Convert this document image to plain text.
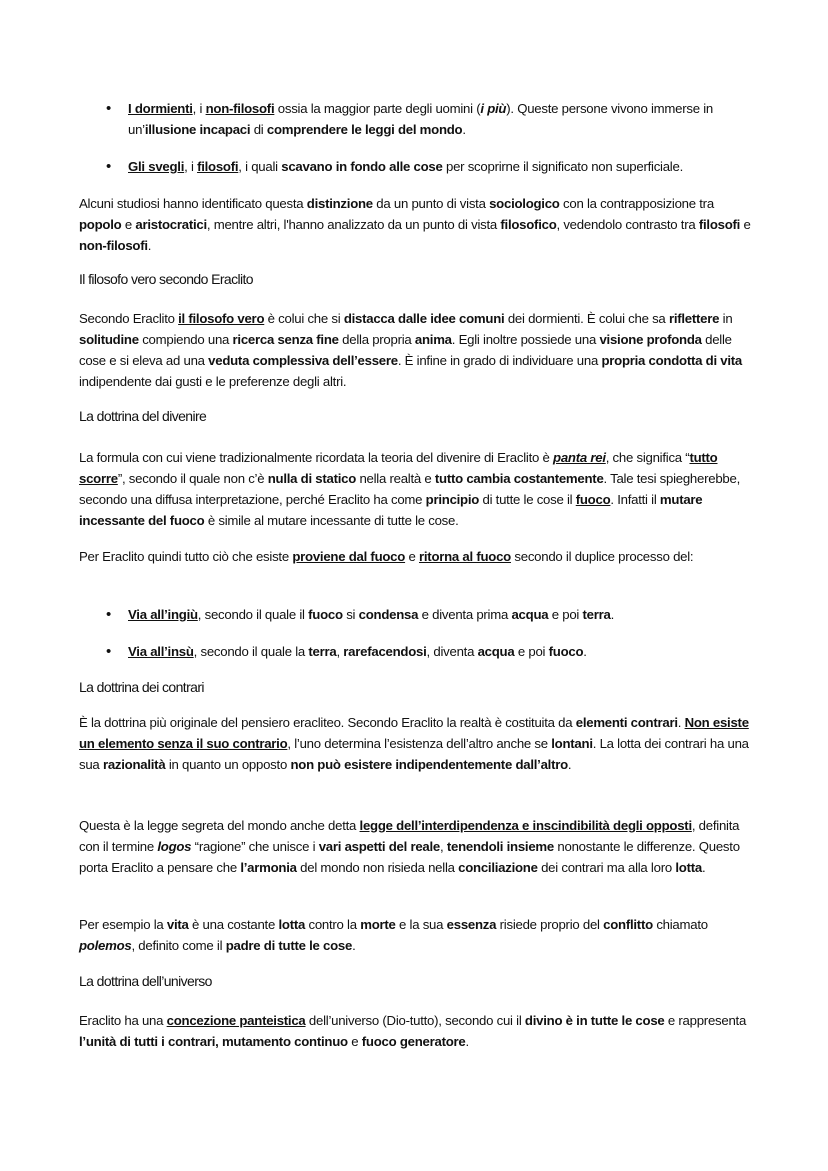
• I dormienti, i non-filosofi ossia la maggior parte degli uomini (i più). Queste persone vivono immerse in un’illusione incapaci di comprendere le leggi del mondo.

• Gli svegli, i filosofi, i quali scavano in fondo alle cose per scoprirne il significato non superficiale.

Alcuni studiosi hanno identificato questa distinzione da un punto di vista sociologico con la contrapposizione tra popolo e aristocratici, mentre altri, l'hanno analizzato da un punto di vista filosofico, vedendolo contrasto tra filosofi e non-filosofi.

Il filosofo vero secondo Eraclito

Secondo Eraclito il filosofo vero è colui che si distacca dalle idee comuni dei dormienti. È colui che sa riflettere in solitudine compiendo una ricerca senza fine della propria anima. Egli inoltre possiede una visione profonda delle cose e si eleva ad una veduta complessiva dell’essere. È infine in grado di individuare una propria condotta di vita indipendente dai gusti e le preferenze degli altri.

La dottrina del divenire

La formula con cui viene tradizionalmente ricordata la teoria del divenire di Eraclito è panta rei, che significa “tutto scorre”, secondo il quale non c’è nulla di statico nella realtà e tutto cambia costantemente. Tale tesi spiegherebbe, secondo una diffusa interpretazione, perché Eraclito ha come principio di tutte le cose il fuoco. Infatti il mutare incessante del fuoco è simile al mutare incessante di tutte le cose.

Per Eraclito quindi tutto ciò che esiste proviene dal fuoco e ritorna al fuoco secondo il duplice processo del:

• Via all’ingiù, secondo il quale il fuoco si condensa e diventa prima acqua e poi terra.

• Via all’insù, secondo il quale la terra, rarefacendosi, diventa acqua e poi fuoco.

La dottrina dei contrari

È la dottrina più originale del pensiero eracliteo. Secondo Eraclito la realtà è costituita da elementi contrari. Non esiste un elemento senza il suo contrario, l’uno determina l’esistenza dell’altro anche se lontani. La lotta dei contrari ha una sua razionalità in quanto un opposto non può esistere indipendentemente dall’altro.

Questa è la legge segreta del mondo anche detta legge dell’interdipendenza e inscindibilità degli opposti, definita con il termine logos “ragione” che unisce i vari aspetti del reale, tenendoli insieme nonostante le differenze. Questo porta Eraclito a pensare che l’armonia del mondo non risieda nella conciliazione dei contrari ma alla loro lotta.

Per esempio la vita è una costante lotta contro la morte e la sua essenza risiede proprio del conflitto chiamato polemos, definito come il padre di tutte le cose.

La dottrina dell’universo

Eraclito ha una concezione panteistica dell’universo (Dio-tutto), secondo cui il divino è in tutte le cose e rappresenta l’unità di tutti i contrari, mutamento continuo e fuoco generatore.
